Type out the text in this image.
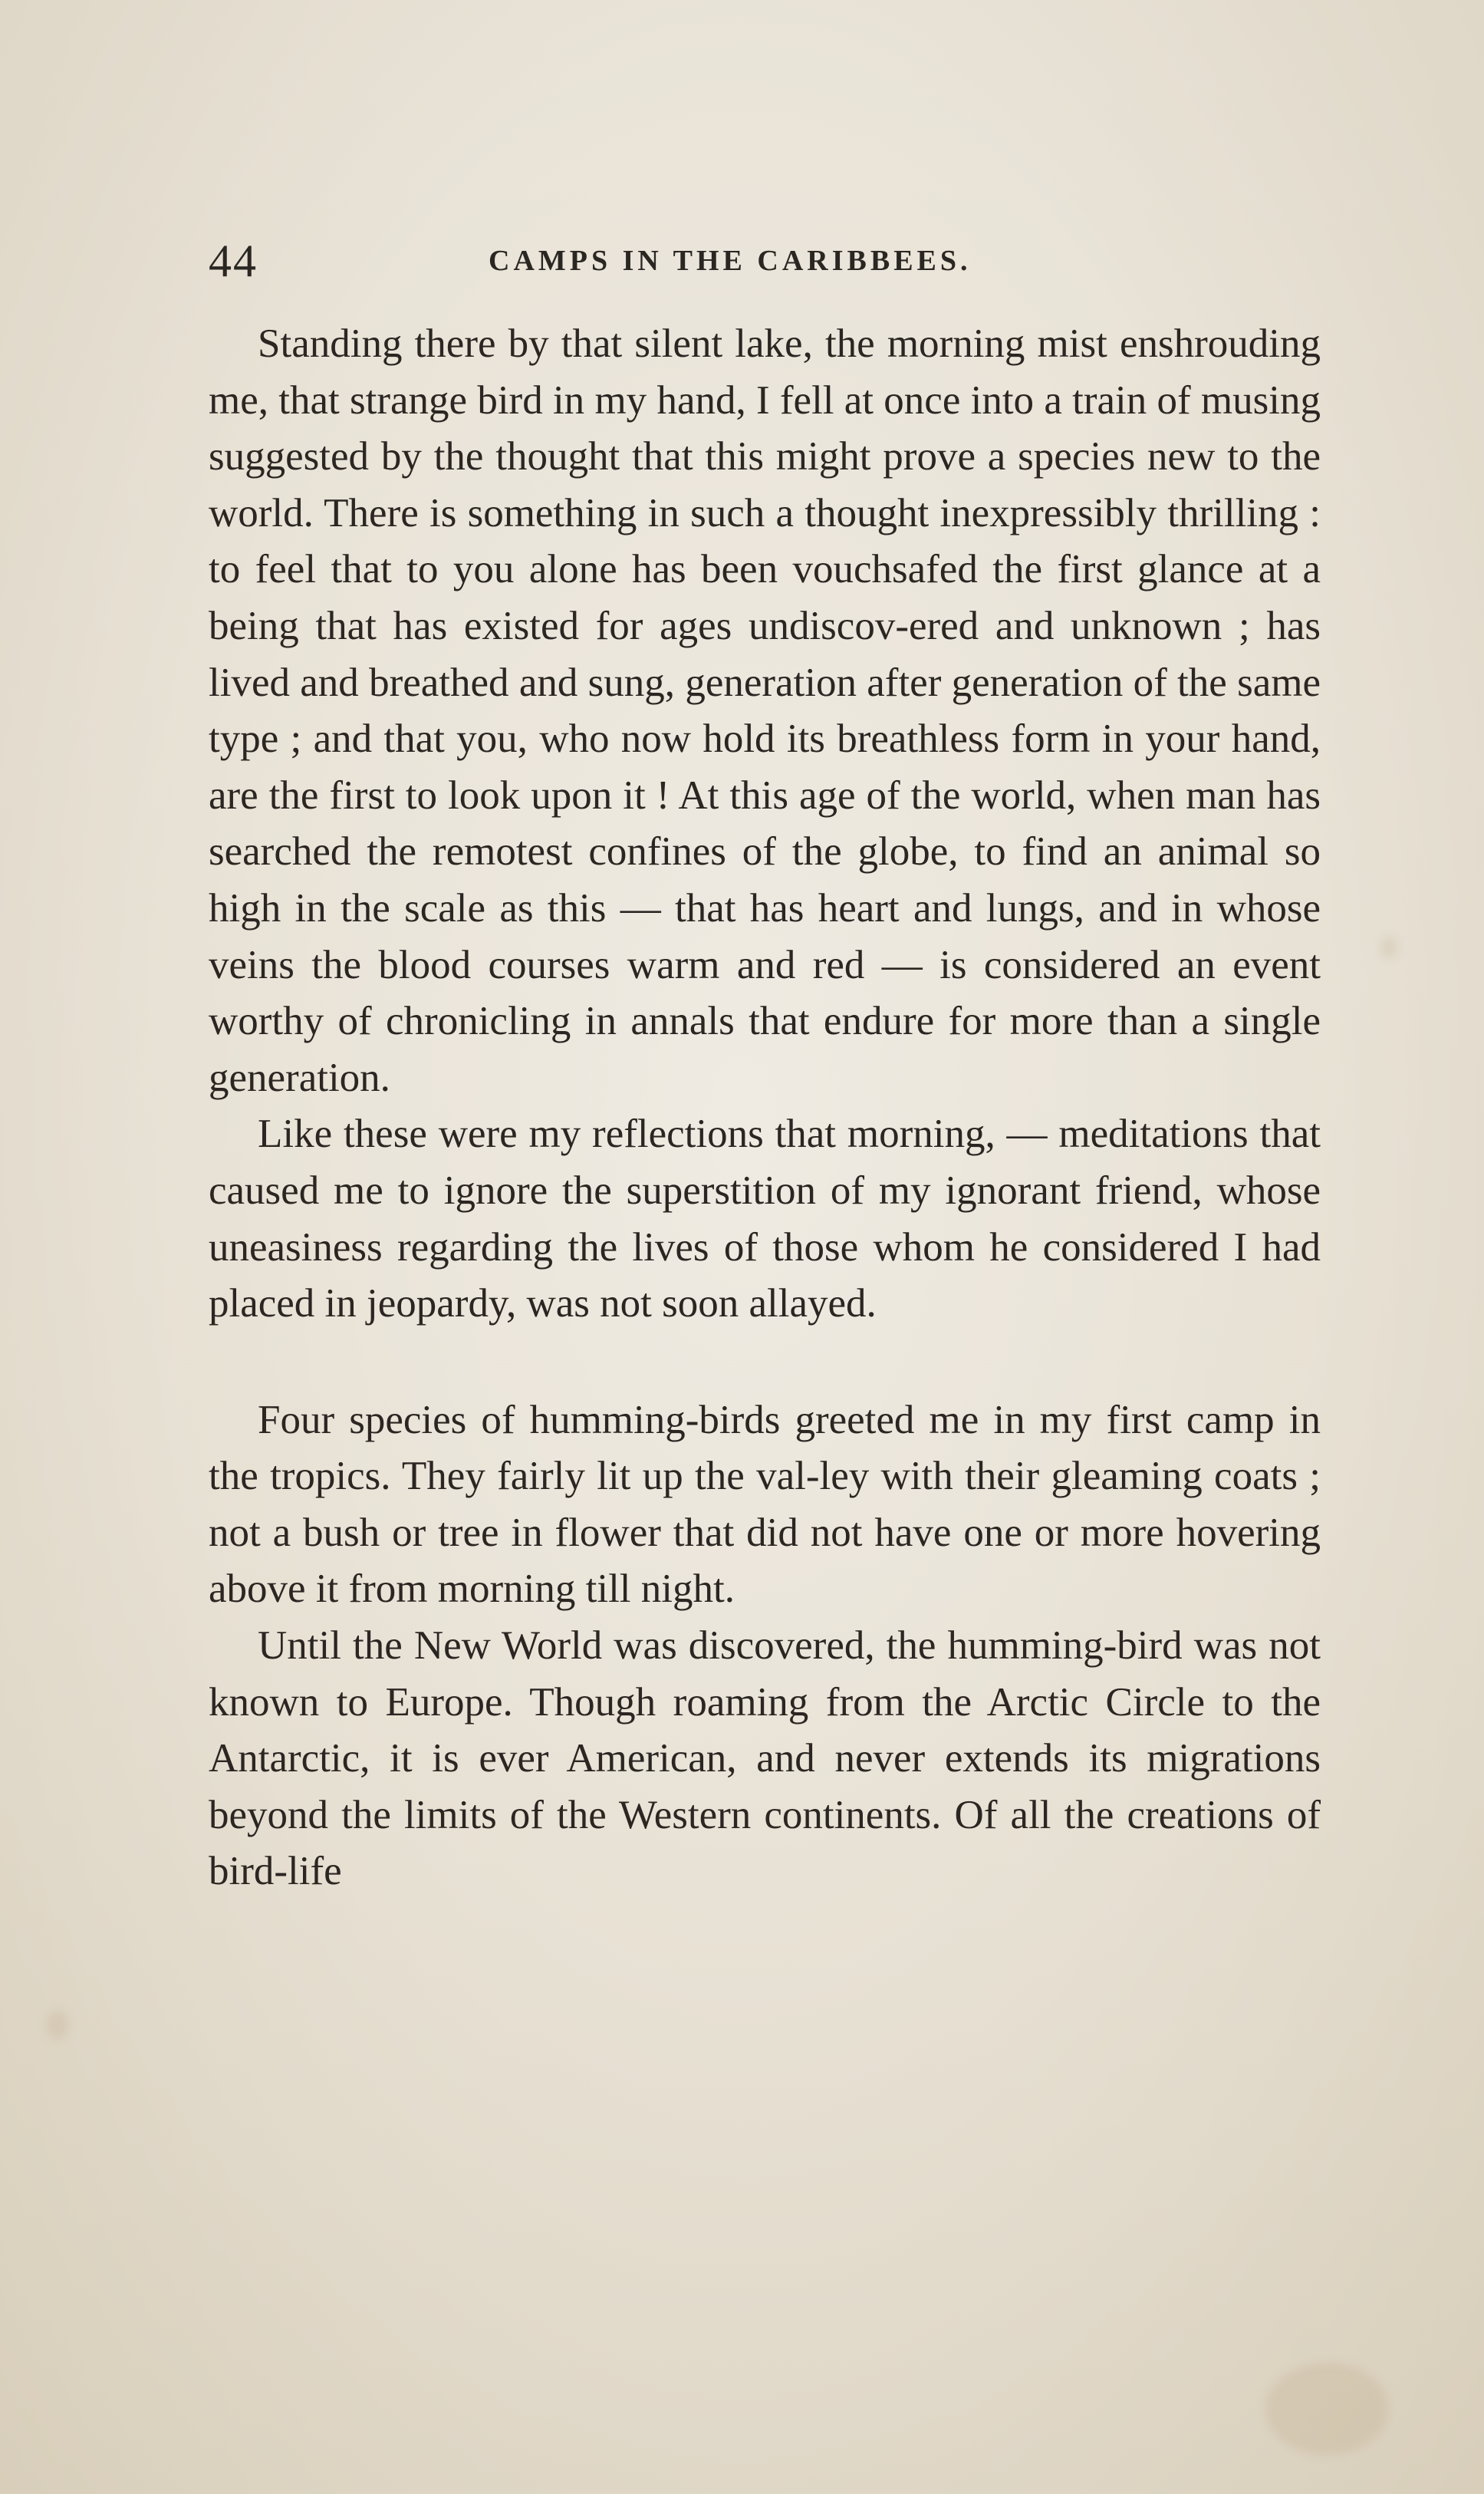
44	CAMPS IN THE CARIBBEES.

Standing there by that silent lake, the morning mist enshrouding me, that strange bird in my hand, I fell at once into a train of musing suggested by the thought that this might prove a species new to the world. There is something in such a thought inexpressibly thrilling : to feel that to you alone has been vouchsafed the first glance at a being that has existed for ages undiscov-ered and unknown ; has lived and breathed and sung, generation after generation of the same type ; and that you, who now hold its breathless form in your hand, are the first to look upon it ! At this age of the world, when man has searched the remotest confines of the globe, to find an animal so high in the scale as this — that has heart and lungs, and in whose veins the blood courses warm and red — is considered an event worthy of chronicling in annals that endure for more than a single generation.

Like these were my reflections that morning, — meditations that caused me to ignore the superstition of my ignorant friend, whose uneasiness regarding the lives of those whom he considered I had placed in jeopardy, was not soon allayed.

Four species of humming-birds greeted me in my first camp in the tropics. They fairly lit up the val-ley with their gleaming coats ; not a bush or tree in flower that did not have one or more hovering above it from morning till night.

Until the New World was discovered, the humming-bird was not known to Europe. Though roaming from the Arctic Circle to the Antarctic, it is ever American, and never extends its migrations beyond the limits of the Western continents. Of all the creations of bird-life
